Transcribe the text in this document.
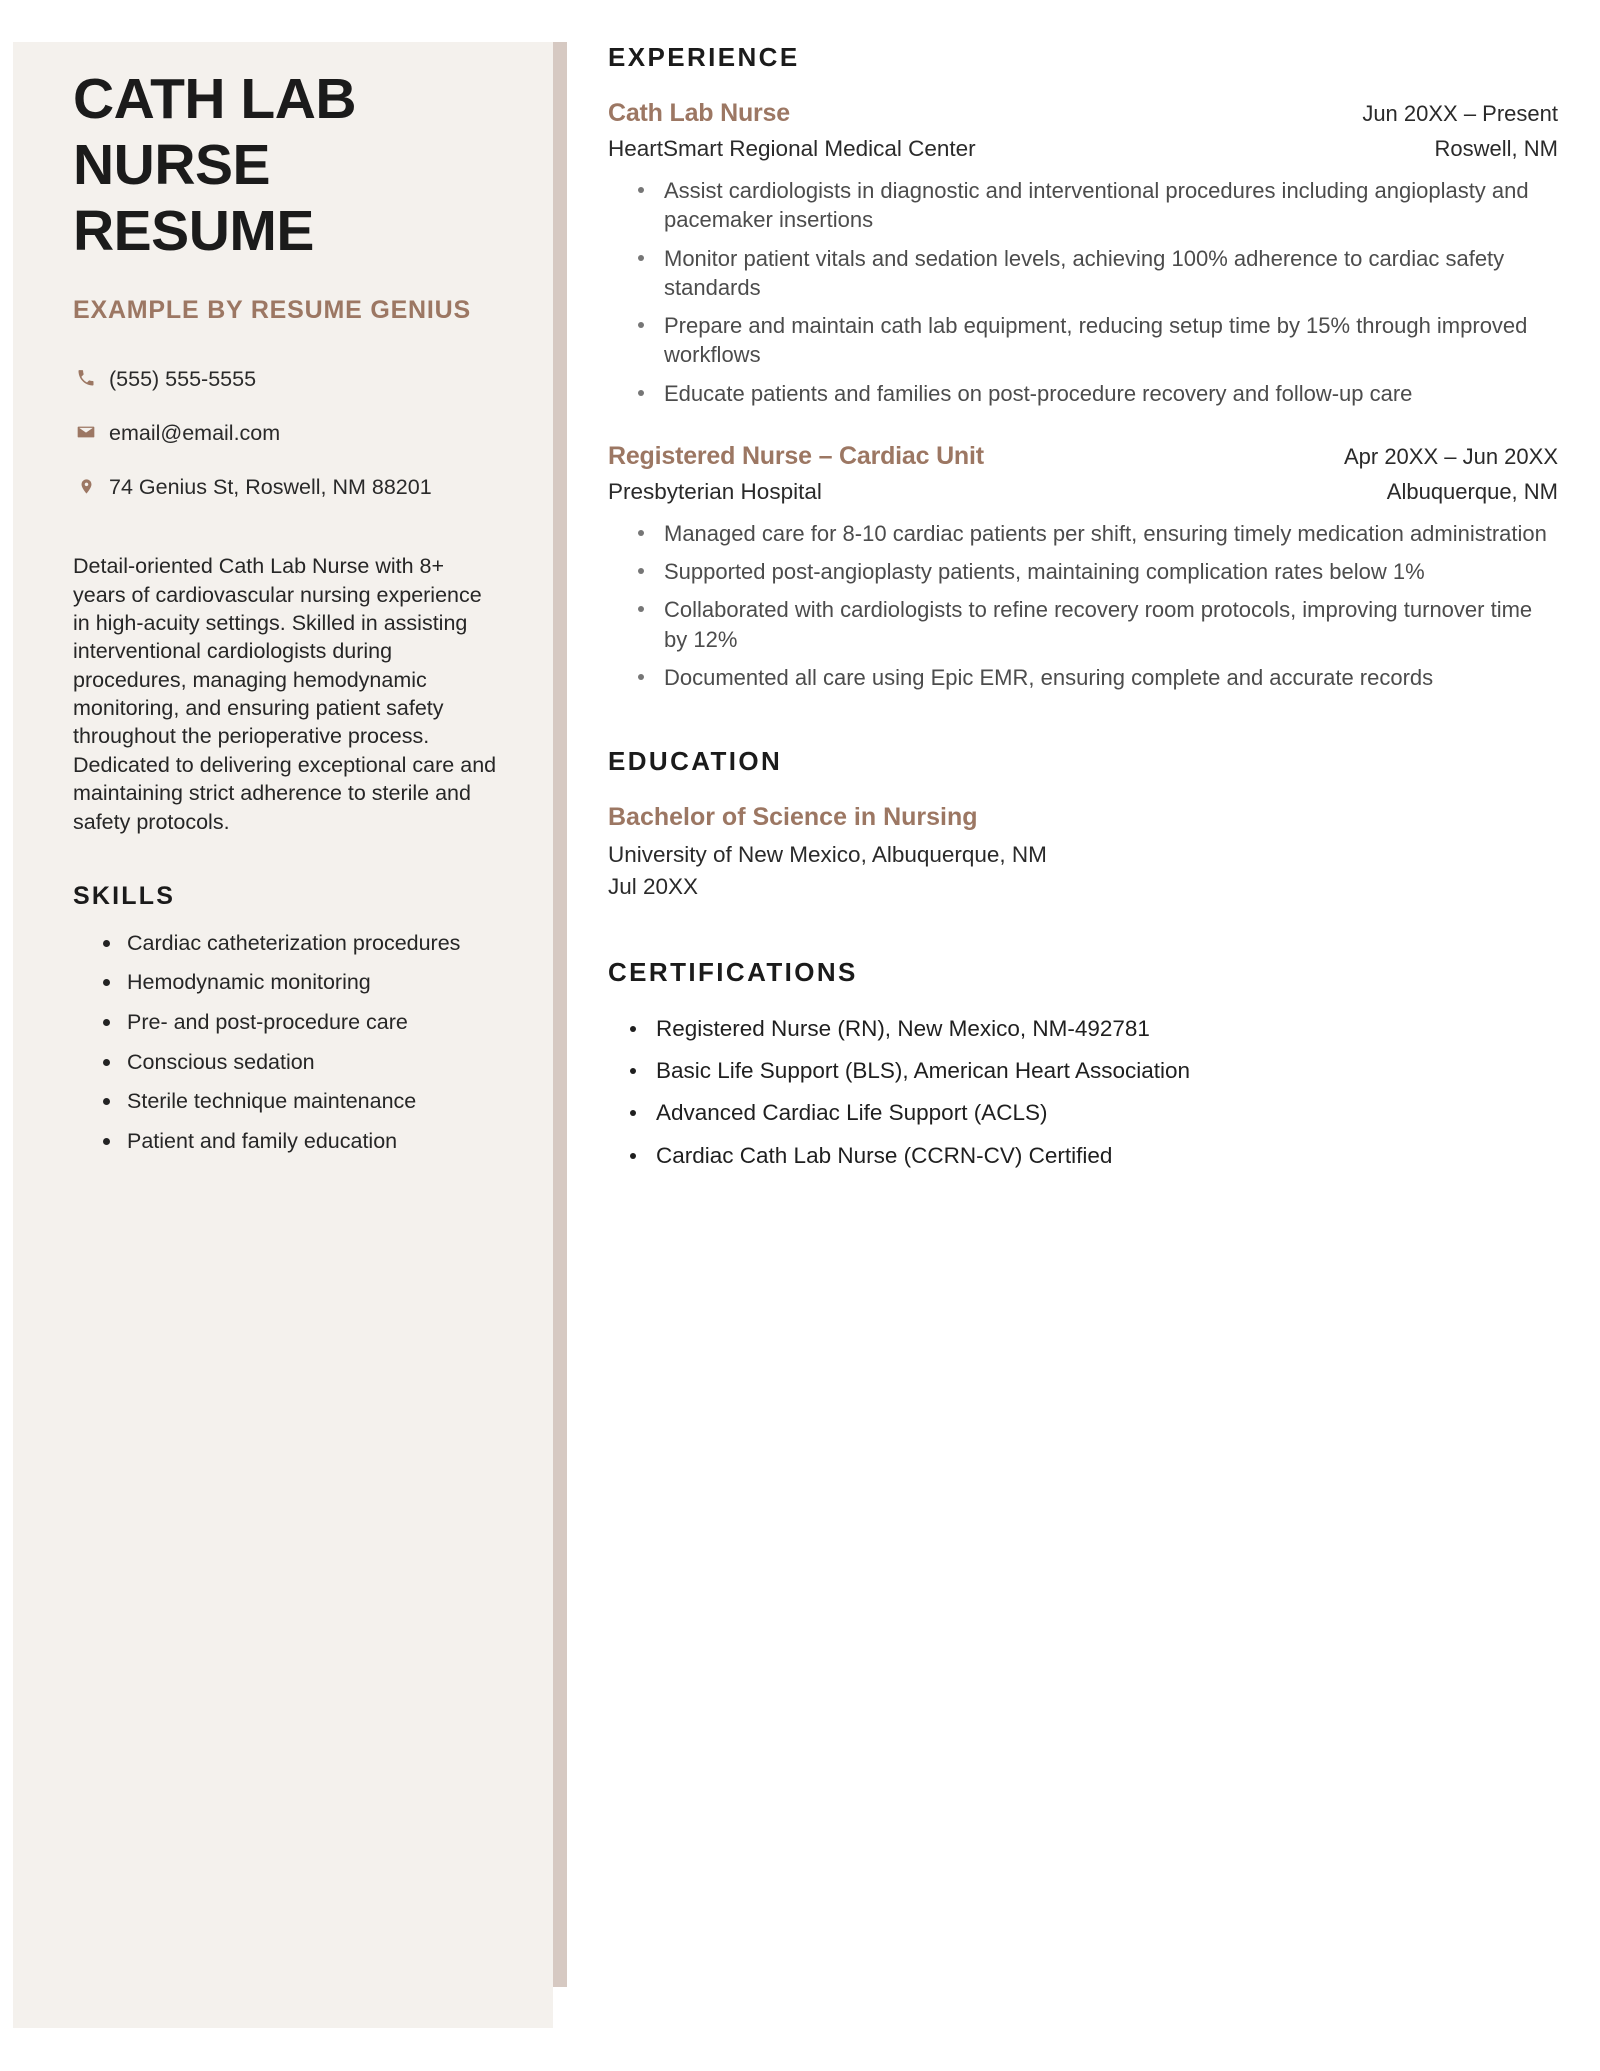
CATH LAB NURSE RESUME
EXAMPLE BY RESUME GENIUS
(555) 555-5555
email@email.com
74 Genius St, Roswell, NM 88201

Detail-oriented Cath Lab Nurse with 8+ years of cardiovascular nursing experience in high-acuity settings. Skilled in assisting interventional cardiologists during procedures, managing hemodynamic monitoring, and ensuring patient safety throughout the perioperative process. Dedicated to delivering exceptional care and maintaining strict adherence to sterile and safety protocols.

SKILLS
Cardiac catheterization procedures
Hemodynamic monitoring
Pre- and post-procedure care
Conscious sedation
Sterile technique maintenance
Patient and family education
EXPERIENCE
Cath Lab Nurse	Jun 20XX – Present
HeartSmart Regional Medical Center	Roswell, NM
Assist cardiologists in diagnostic and interventional procedures including angioplasty and pacemaker insertions
Monitor patient vitals and sedation levels, achieving 100% adherence to cardiac safety standards
Prepare and maintain cath lab equipment, reducing setup time by 15% through improved workflows
Educate patients and families on post-procedure recovery and follow-up care
Registered Nurse – Cardiac Unit	Apr 20XX – Jun 20XX
Presbyterian Hospital	Albuquerque, NM
Managed care for 8-10 cardiac patients per shift, ensuring timely medication administration
Supported post-angioplasty patients, maintaining complication rates below 1%
Collaborated with cardiologists to refine recovery room protocols, improving turnover time by 12%
Documented all care using Epic EMR, ensuring complete and accurate records
EDUCATION
Bachelor of Science in Nursing
University of New Mexico, Albuquerque, NM
Jul 20XX
CERTIFICATIONS
Registered Nurse (RN), New Mexico, NM-492781
Basic Life Support (BLS), American Heart Association
Advanced Cardiac Life Support (ACLS)
Cardiac Cath Lab Nurse (CCRN-CV) Certified
